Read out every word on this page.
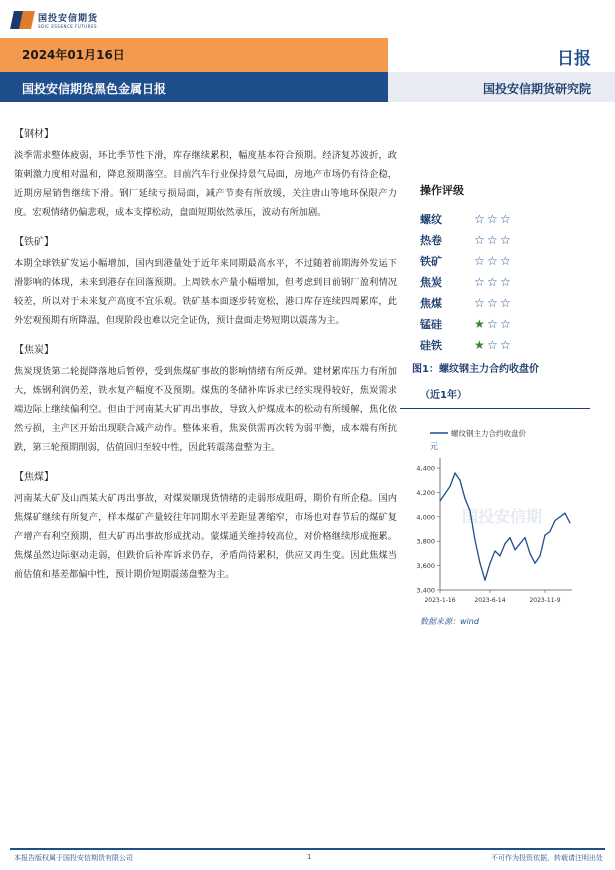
国投安信期货
SDIC ESSENCE FUTURES
2024年01月16日
国投安信期货黑色金属日报
日报
国投安信期货研究院
【钢材】
淡季需求整体疲弱，环比季节性下滑，库存继续累积，幅度基本符合预期。经济复苏波折，政策刺激力度相对温和，降息预期落空。目前汽车行业保持景气局面，房地产市场仍有待企稳，近期房屋销售继续下滑。钢厂延续亏损局面，减产节奏有所放缓，关注唐山等地环保限产力度。宏观情绪仍偏悲观，成本支撑松动，盘面短期依然承压，波动有所加剧。
【铁矿】
本期全球铁矿发运小幅增加，国内到港量处于近年来同期最高水平，不过随着前期海外发运下滑影响的体现，未来到港存在回落预期。上周铁水产量小幅增加，但考虑到目前钢厂盈利情况较差，所以对于未来复产高度不宜乐观。铁矿基本面逐步转宽松，港口库存连续四周累库，此外宏观预期有所降温，但现阶段也难以完全证伪，预计盘面走势短期以震荡为主。
【焦炭】
焦炭现货第二轮提降落地后暂停，受到焦煤矿事故的影响情绪有所反弹。建材累库压力有所加大，炼钢利润仍差，铁水复产幅度不及预期。煤焦的冬储补库诉求已经实现得较好，焦炭需求端边际上继续偏利空。但由于河南某大矿再出事故，导致入炉煤成本的松动有所缓解，焦化依然亏损，主产区开始出现联合减产动作。整体来看，焦炭供需再次转为弱平衡，成本端有所抗跌，第三轮预期削弱，估值回归至较中性，因此转震荡盘整为主。
【焦煤】
河南某大矿及山西某大矿再出事故，对煤炭顺现货情绪的走弱形成阻碍，期价有所企稳。国内焦煤矿继续有所复产，样本煤矿产量较往年同期水平差距显著缩窄，市场也对春节后的煤矿复产增产有利空预期，但大矿再出事故形成扰动。蒙煤通关维持较高位，对价格继续形成拖累。焦煤虽然边际驱动走弱，但跌价后补库诉求仍存，矛盾尚待累积，供应又再生变。因此焦煤当前估值和基差都偏中性，预计期价短期震荡盘整为主。
操作评级
螺纹	☆☆☆
热卷	☆☆☆
铁矿	☆☆☆
焦炭	☆☆☆
焦煤	☆☆☆
锰硅	★☆☆
硅铁	★☆☆
图1：螺纹钢主力合约收盘价
（近1年）
螺纹钢主力合约收盘价
元
3,400
3,600
3,800
4,000
4,200
4,400
2023-1-16	2023-6-14	2023-11-9
国投安信期
数据来源：wind
本报告版权属于国投安信期货有限公司	1	不可作为投资依据，转载请注明出处
